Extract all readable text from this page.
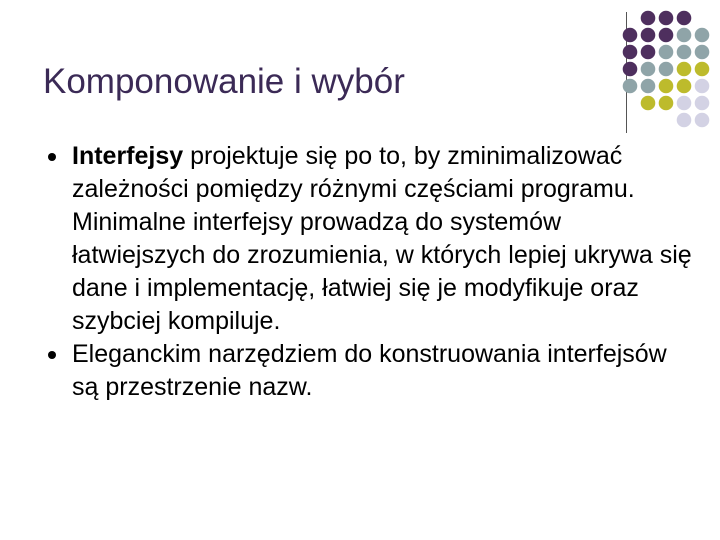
Komponowanie i wybór
Interfejsy projektuje się po to, by zminimalizować zależności pomiędzy różnymi częściami programu. Minimalne interfejsy prowadzą do systemów łatwiejszych do zrozumienia, w których lepiej ukrywa się dane i implementację, łatwiej się je modyfikuje oraz szybciej kompiluje.
Eleganckim narzędziem do konstruowania interfejsów są przestrzenie nazw.
